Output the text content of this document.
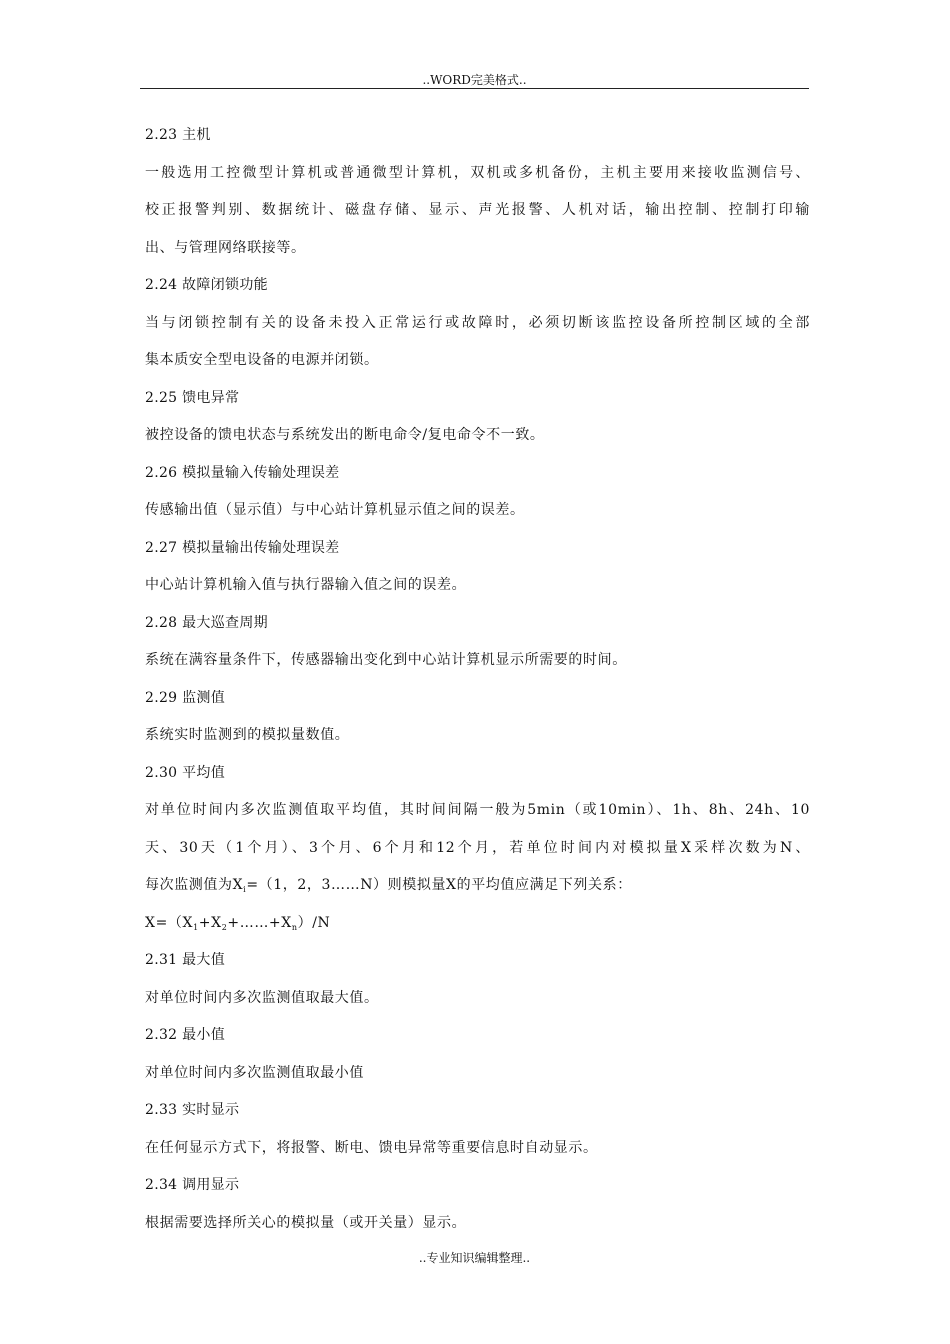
..WORD完美格式..
2.23 主机
一般选用工控微型计算机或普通微型计算机，双机或多机备份，主机主要用来接收监测信号、
校正报警判别、数据统计、磁盘存储、显示、声光报警、人机对话，输出控制、控制打印输
出、与管理网络联接等。
2.24 故障闭锁功能
当与闭锁控制有关的设备未投入正常运行或故障时，必须切断该监控设备所控制区域的全部
集本质安全型电设备的电源并闭锁。
2.25 馈电异常
被控设备的馈电状态与系统发出的断电命令/复电命令不一致。
2.26 模拟量输入传输处理误差
传感输出值（显示值）与中心站计算机显示值之间的误差。
2.27 模拟量输出传输处理误差
中心站计算机输入值与执行器输入值之间的误差。
2.28 最大巡查周期
系统在满容量条件下，传感器输出变化到中心站计算机显示所需要的时间。
2.29 监测值
系统实时监测到的模拟量数值。
2.30 平均值
对单位时间内多次监测值取平均值，其时间间隔一般为5min（或10min）、1h、8h、24h、10
天、30天（1个月）、3个月、6个月和12个月，若单位时间内对模拟量X采样次数为N、
每次监测值为$X_i=(1$，2，3……N）则模拟量X的平均值应满足下列关系：
$X=(X_1+X_2+\dots\dots+X_n)/N$
2.31 最大值
对单位时间内多次监测值取最大值。
2.32 最小值
对单位时间内多次监测值取最小值
2.33 实时显示
在任何显示方式下，将报警、断电、馈电异常等重要信息时自动显示。
2.34 调用显示
根据需要选择所关心的模拟量（或开关量）显示。
..专业知识编辑整理..
